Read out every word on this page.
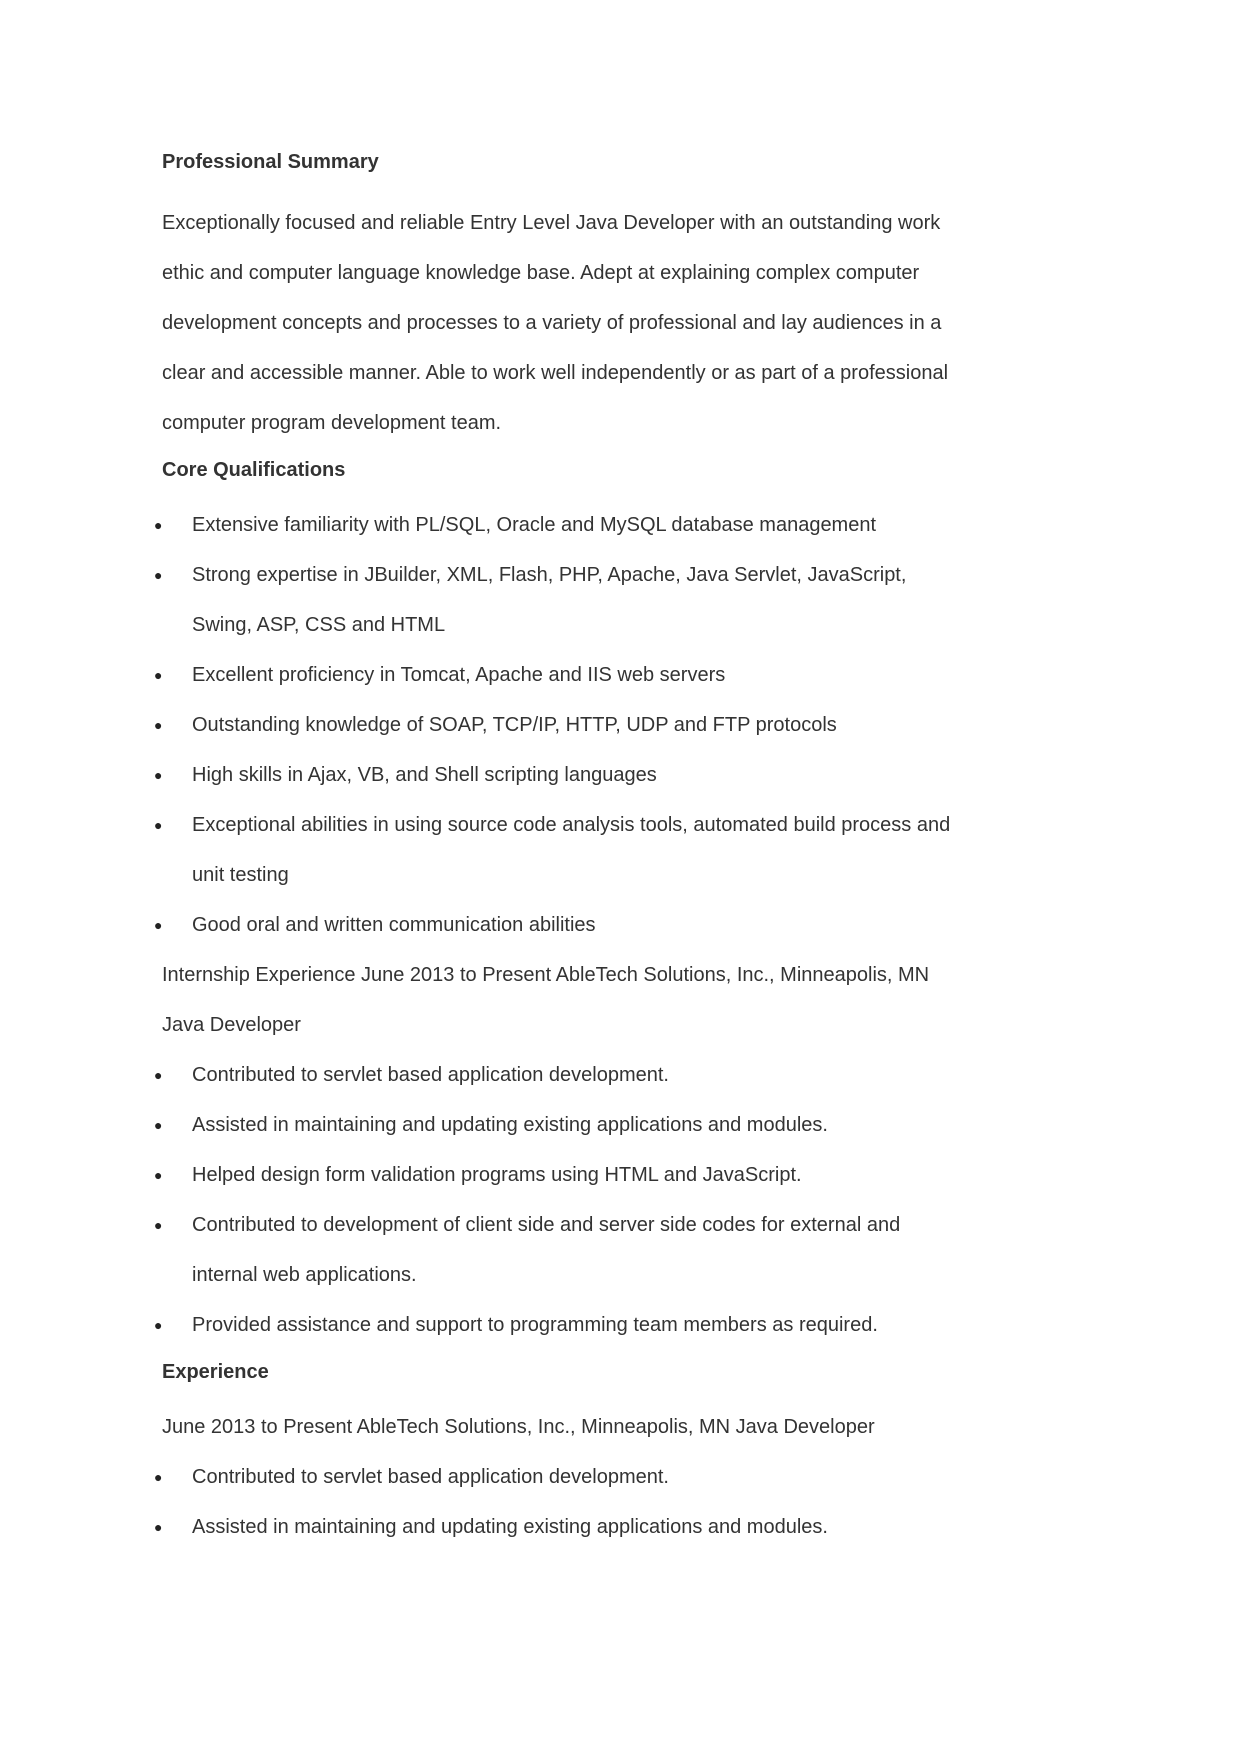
Professional Summary
Exceptionally focused and reliable Entry Level Java Developer with an outstanding work ethic and computer language knowledge base. Adept at explaining complex computer development concepts and processes to a variety of professional and lay audiences in a clear and accessible manner. Able to work well independently or as part of a professional computer program development team.
Core Qualifications
● Extensive familiarity with PL/SQL, Oracle and MySQL database management
● Strong expertise in JBuilder, XML, Flash, PHP, Apache, Java Servlet, JavaScript, Swing, ASP, CSS and HTML
● Excellent proficiency in Tomcat, Apache and IIS web servers
● Outstanding knowledge of SOAP, TCP/IP, HTTP, UDP and FTP protocols
● High skills in Ajax, VB, and Shell scripting languages
● Exceptional abilities in using source code analysis tools, automated build process and unit testing
● Good oral and written communication abilities
Internship Experience June 2013 to Present AbleTech Solutions, Inc., Minneapolis, MN Java Developer
● Contributed to servlet based application development.
● Assisted in maintaining and updating existing applications and modules.
● Helped design form validation programs using HTML and JavaScript.
● Contributed to development of client side and server side codes for external and internal web applications.
● Provided assistance and support to programming team members as required.
Experience
June 2013 to Present AbleTech Solutions, Inc., Minneapolis, MN Java Developer
● Contributed to servlet based application development.
● Assisted in maintaining and updating existing applications and modules.
